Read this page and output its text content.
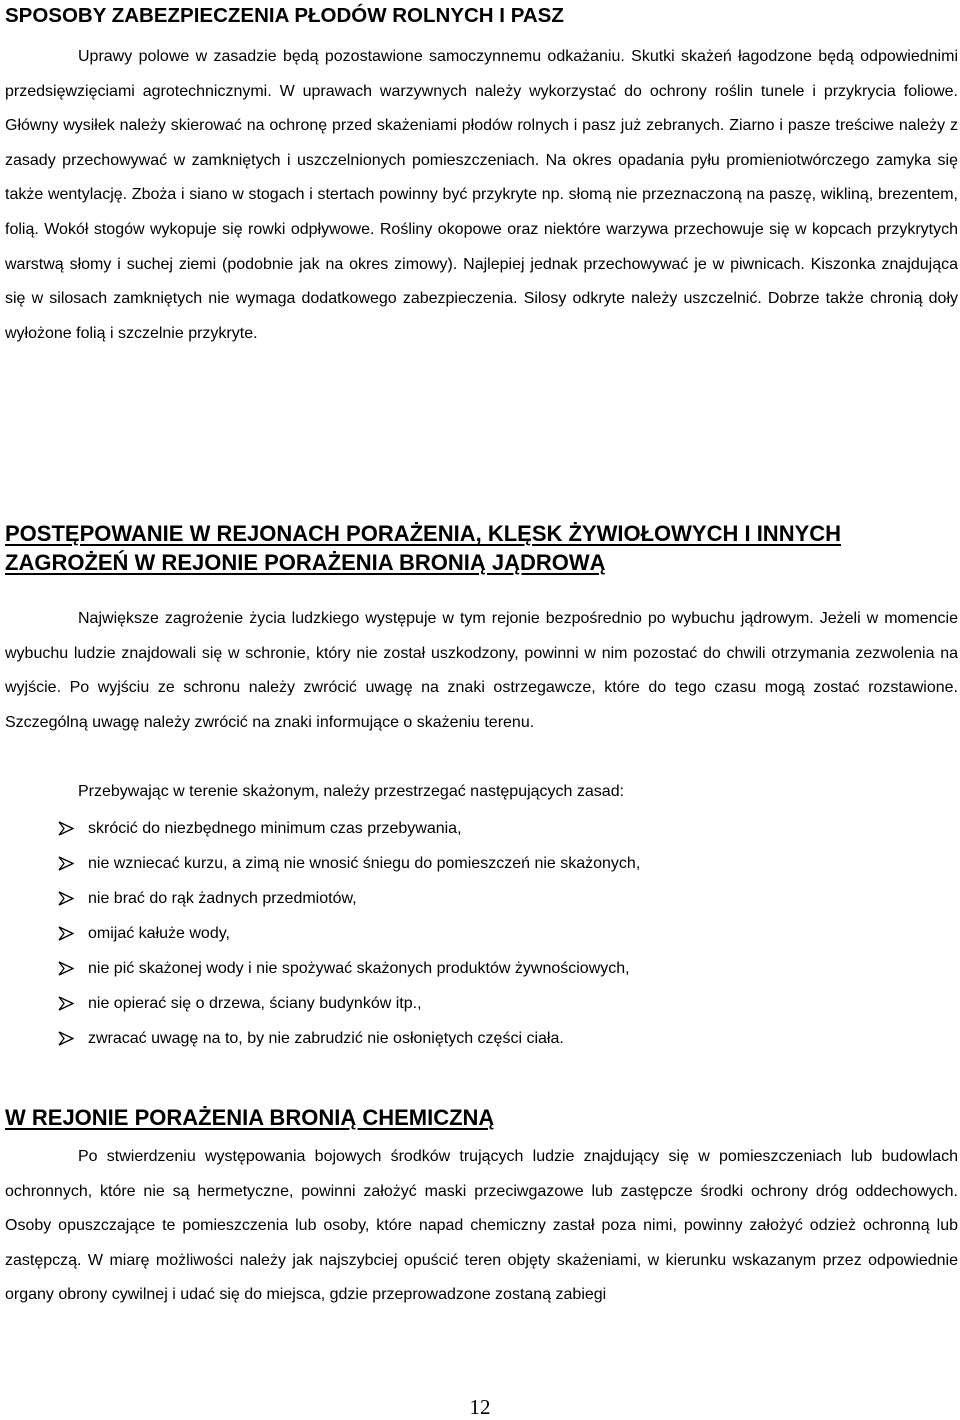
SPOSOBY ZABEZPIECZENIA PŁODÓW ROLNYCH I PASZ

Uprawy polowe w zasadzie będą pozostawione samoczynnemu odkażaniu. Skutki skażeń łagodzone będą odpowiednimi przedsięwzięciami agrotechnicznymi. W uprawach warzywnych należy wykorzystać do ochrony roślin tunele i przykrycia foliowe. Główny wysiłek należy skierować na ochronę przed skażeniami płodów rolnych i pasz już zebranych. Ziarno i pasze treściwe należy z zasady przechowywać w zamkniętych i uszczelnionych pomieszczeniach. Na okres opadania pyłu promieniotwórczego zamyka się także wentylację. Zboża i siano w stogach i stertach powinny być przykryte np. słomą nie przeznaczoną na paszę, wikliną, brezentem, folią. Wokół stogów wykopuje się rowki odpływowe. Rośliny okopowe oraz niektóre warzywa przechowuje się w kopcach przykrytych warstwą słomy i suchej ziemi (podobnie jak na okres zimowy). Najlepiej jednak przechowywać je w piwnicach. Kiszonka znajdująca się w silosach zamkniętych nie wymaga dodatkowego zabezpieczenia. Silosy odkryte należy uszczelnić. Dobrze także chronią doły wyłożone folią i szczelnie przykryte.

POSTĘPOWANIE W REJONACH PORAŻENIA, KLĘSK ŻYWIOŁOWYCH I INNYCH ZAGROŻEŃ W REJONIE PORAŻENIA BRONIĄ JĄDROWĄ

Największe zagrożenie życia ludzkiego występuje w tym rejonie bezpośrednio po wybuchu jądrowym. Jeżeli w momencie wybuchu ludzie znajdowali się w schronie, który nie został uszkodzony, powinni w nim pozostać do chwili otrzymania zezwolenia na wyjście. Po wyjściu ze schronu należy zwrócić uwagę na znaki ostrzegawcze, które do tego czasu mogą zostać rozstawione. Szczególną uwagę należy zwrócić na znaki informujące o skażeniu terenu.

Przebywając w terenie skażonym, należy przestrzegać następujących zasad:

skrócić do niezbędnego minimum czas przebywania,
nie wzniecać kurzu, a zimą nie wnosić śniegu do pomieszczeń nie skażonych,
nie brać do rąk żadnych przedmiotów,
omijać kałuże wody,
nie pić skażonej wody i nie spożywać skażonych produktów żywnościowych,
nie opierać się o drzewa, ściany budynków itp.,
zwracać uwagę na to, by nie zabrudzić nie osłoniętych części ciała.
W REJONIE PORAŻENIA BRONIĄ CHEMICZNĄ

Po stwierdzeniu występowania bojowych środków trujących ludzie znajdujący się w pomieszczeniach lub budowlach ochronnych, które nie są hermetyczne, powinni założyć maski przeciwgazowe lub zastępcze środki ochrony dróg oddechowych. Osoby opuszczające te pomieszczenia lub osoby, które napad chemiczny zastał poza nimi, powinny założyć odzież ochronną lub zastępczą. W miarę możliwości należy jak najszybciej opuścić teren objęty skażeniami, w kierunku wskazanym przez odpowiednie organy obrony cywilnej i udać się do miejsca, gdzie przeprowadzone zostaną zabiegi

12
